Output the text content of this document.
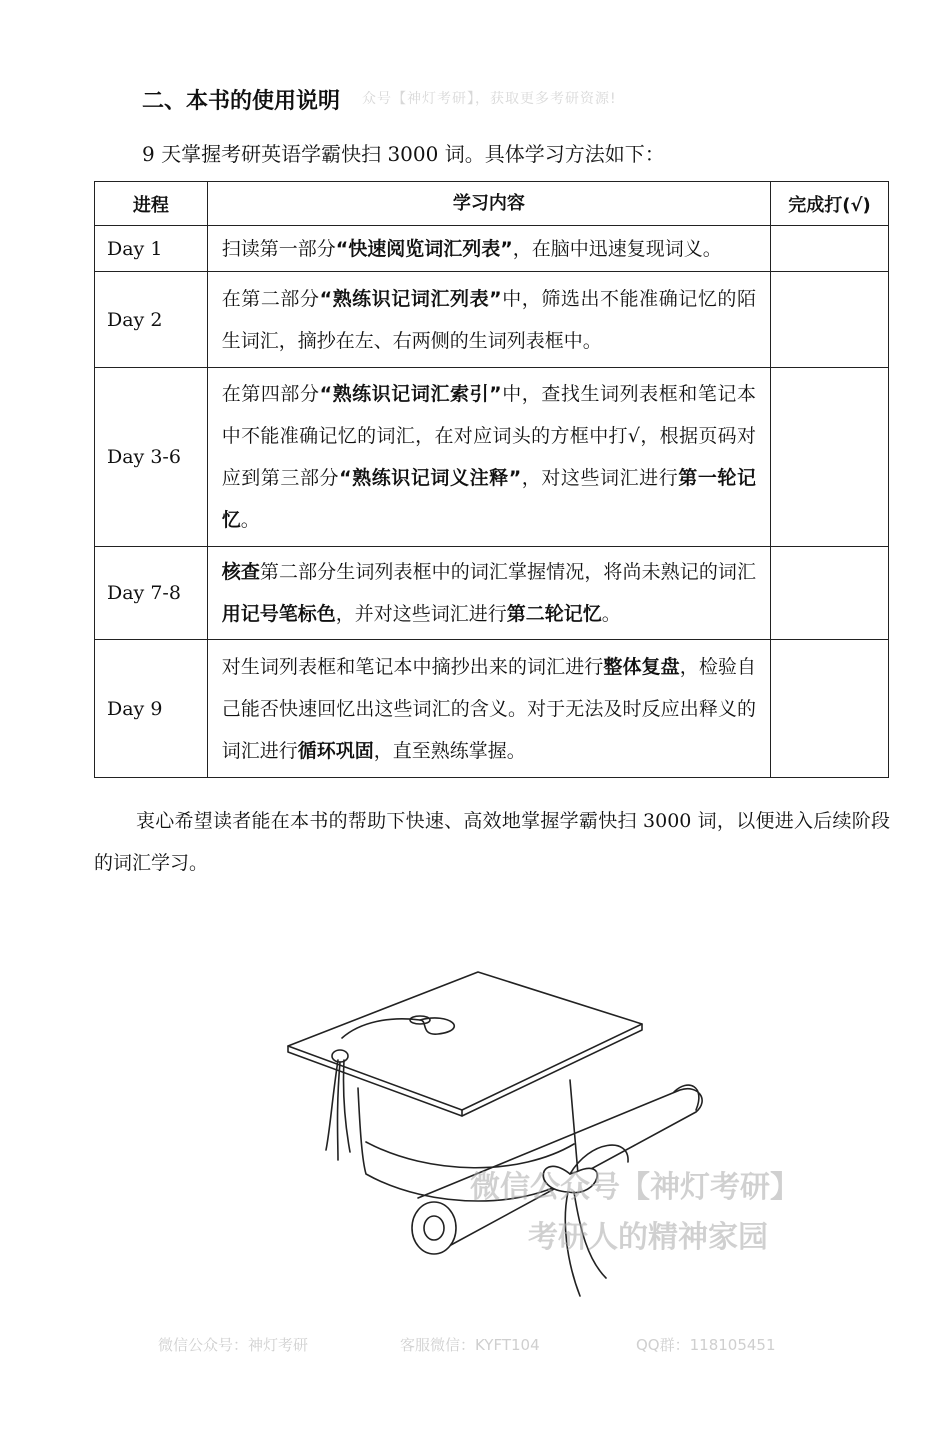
二、本书的使用说明 众号【神灯考研】，获取更多考研资源!
9 天掌握考研英语学霸快扫 3000 词。具体学习方法如下：
进程	学习内容	完成打(√)
Day 1	扫读第一部分“快速阅览词汇列表”，在脑中迅速复现词义。	
Day 2	在第二部分“熟练识记词汇列表”中，筛选出不能准确记忆的陌生词汇，摘抄在左、右两侧的生词列表框中。	
Day 3-6	在第四部分“熟练识记词汇索引”中，查找生词列表框和笔记本中不能准确记忆的词汇，在对应词头的方框中打√，根据页码对应到第三部分“熟练识记词义注释”，对这些词汇进行第一轮记忆。	
Day 7-8	核查第二部分生词列表框中的词汇掌握情况，将尚未熟记的词汇用记号笔标色，并对这些词汇进行第二轮记忆。	
Day 9	对生词列表框和笔记本中摘抄出来的词汇进行整体复盘，检验自己能否快速回忆出这些词汇的含义。对于无法及时反应出释义的词汇进行循环巩固，直至熟练掌握。	
衷心希望读者能在本书的帮助下快速、高效地掌握学霸快扫 3000 词，以便进入后续阶段的词汇学习。
微信公众号【神灯考研】
考研人的精神家园
微信公众号：神灯考研	客服微信：KYFT104	QQ群：118105451
